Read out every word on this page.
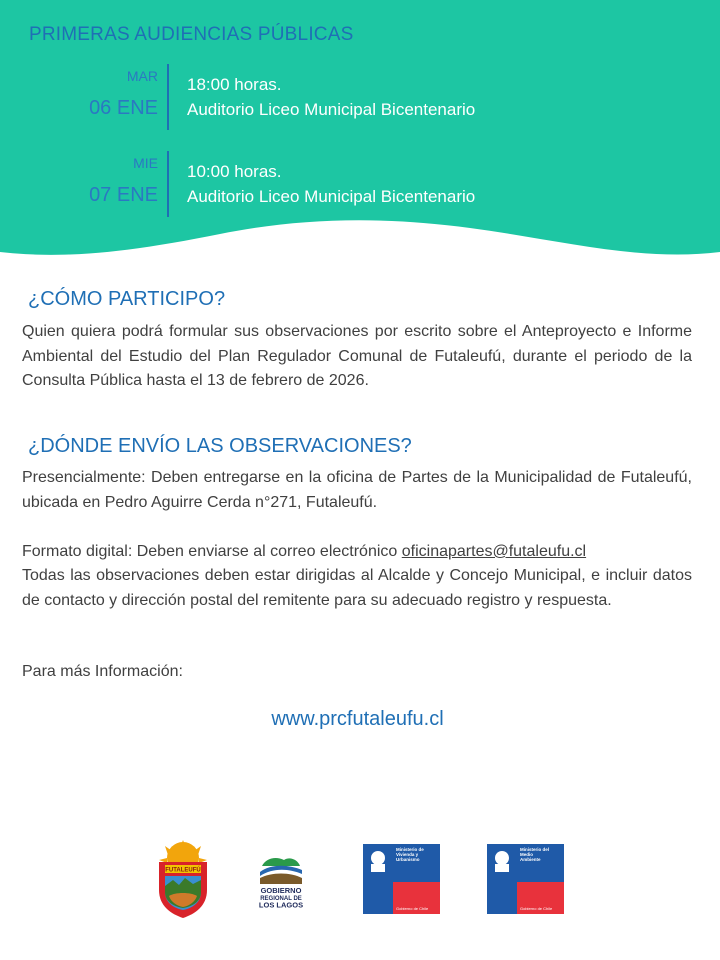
PRIMERAS AUDIENCIAS PÚBLICAS
MAR
06 ENE
18:00 horas.
Auditorio Liceo Municipal Bicentenario
MIE
07 ENE
10:00 horas.
Auditorio Liceo Municipal Bicentenario
¿CÓMO PARTICIPO?

Quien quiera podrá formular sus observaciones por escrito sobre el Anteproyecto e Informe Ambiental del Estudio del Plan Regulador Comunal de Futaleufú, durante el periodo de la Consulta Pública hasta el 13 de febrero de 2026.

¿DÓNDE ENVÍO LAS OBSERVACIONES?

Presencialmente: Deben entregarse en la oficina de Partes de la Municipalidad de Futaleufú, ubicada en Pedro Aguirre Cerda n°271, Futaleufú.

Formato digital: Deben enviarse al correo electrónico oficinapartes@futaleufu.cl

Todas las observaciones deben estar dirigidas al Alcalde y Concejo Municipal, e incluir datos de contacto y dirección postal del remitente para su adecuado registro y respuesta.

Para más Información:

www.prcfutaleufu.cl
FUTALEUFÚ
GOBIERNO
REGIONAL DE
LOS LAGOS
Ministerio de
Vivienda y
Urbanismo
Gobierno de Chile
Ministerio del
Medio
Ambiente
Gobierno de Chile
